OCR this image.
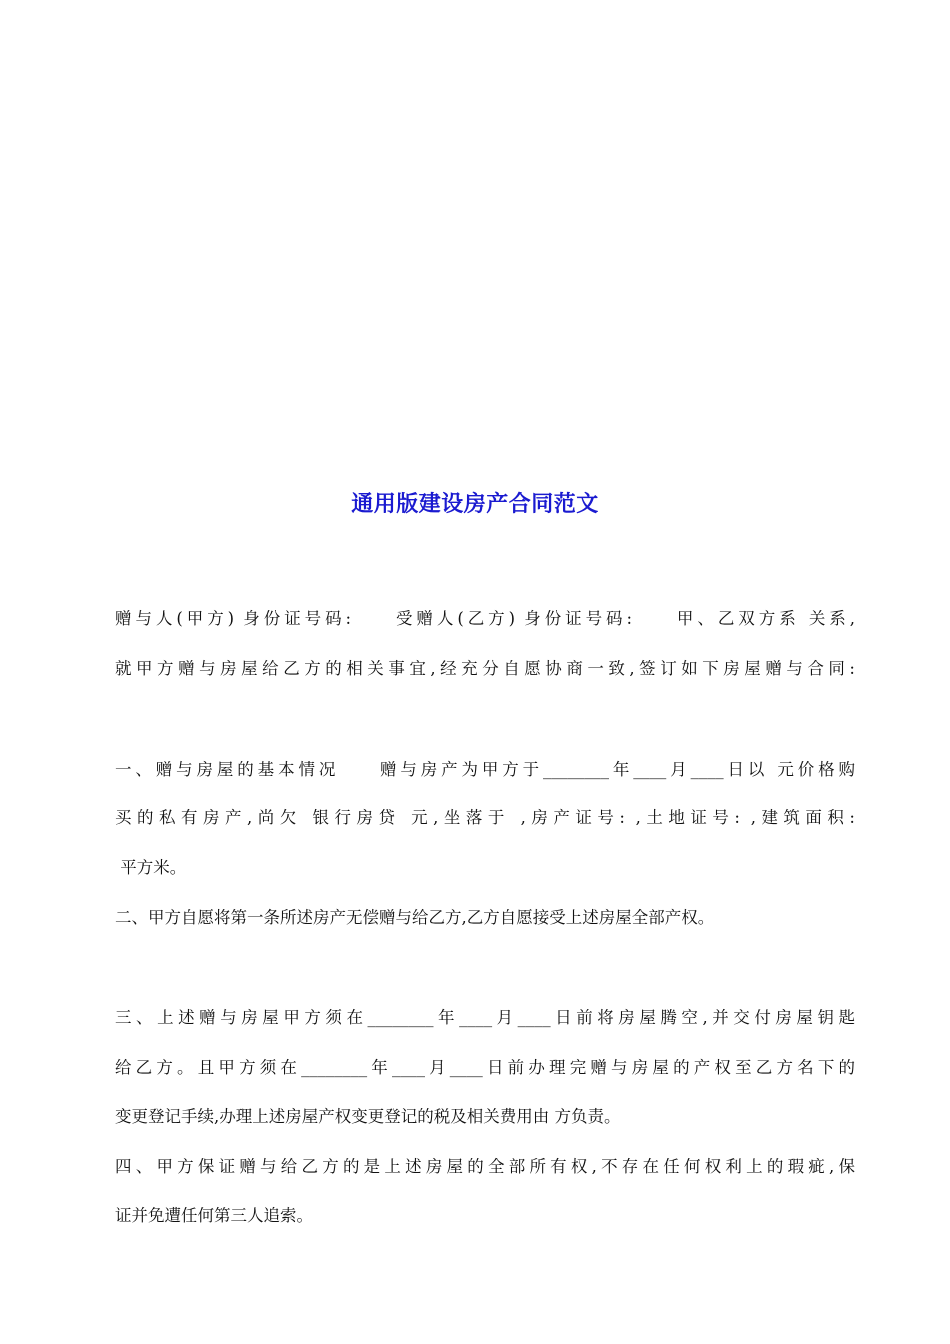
通用版建设房产合同范文
赠与人(甲方) 身份证号码:　　受赠人(乙方) 身份证号码:　　甲、乙双方系 关系,
就甲方赠与房屋给乙方的相关事宜,经充分自愿协商一致,签订如下房屋赠与合同:
一、赠与房屋的基本情况　　赠与房产为甲方于________年____月____日以 元价格购
买的私有房产,尚欠 银行房贷 元,坐落于 ,房产证号: ,土地证号: ,建筑面积:
平方米。
二、甲方自愿将第一条所述房产无偿赠与给乙方,乙方自愿接受上述房屋全部产权。
三、上述赠与房屋甲方须在________年____月____日前将房屋腾空,并交付房屋钥匙
给乙方。且甲方须在________年____月____日前办理完赠与房屋的产权至乙方名下的
变更登记手续,办理上述房屋产权变更登记的税及相关费用由 方负责。
四、甲方保证赠与给乙方的是上述房屋的全部所有权,不存在任何权利上的瑕疵,保
证并免遭任何第三人追索。
